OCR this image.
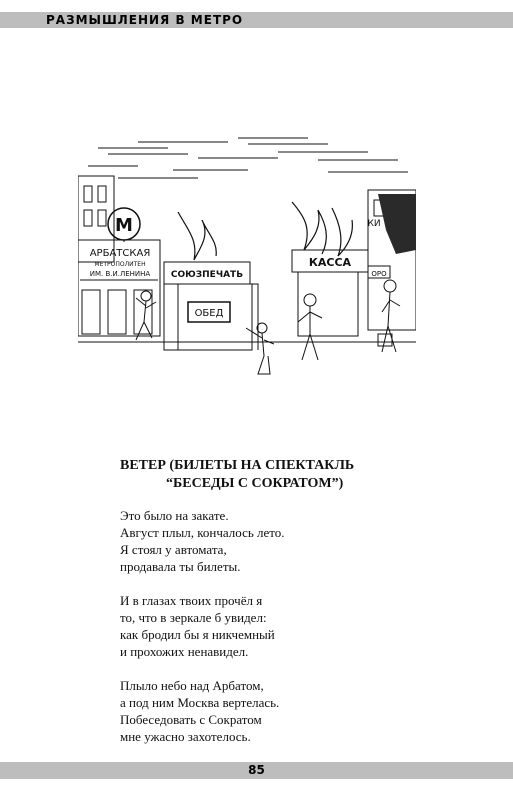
РАЗМЫШЛЕНИЯ В МЕТРО
М
АРБАТСКАЯ
МЕТРОПОЛИТЕН
ИМ. В.И.ЛЕНИНА СОЮЗПЕЧАТЬ
ОБЕД
КАССА
ОРО
КИ
ВЕТЕР (БИЛЕТЫ НА СПЕКТАКЛЬ
“БЕСЕДЫ С СОКРАТОМ”)
Это было на закате.
Август плыл, кончалось лето.
Я стоял у автомата,
продавала ты билеты.
И в глазах твоих прочёл я
то, что в зеркале б увидел:
как бродил бы я никчемный
и прохожих ненавидел.
Плыло небо над Арбатом,
а под ним Москва вертелась.
Побеседовать с Сократом
мне ужасно захотелось.
85
